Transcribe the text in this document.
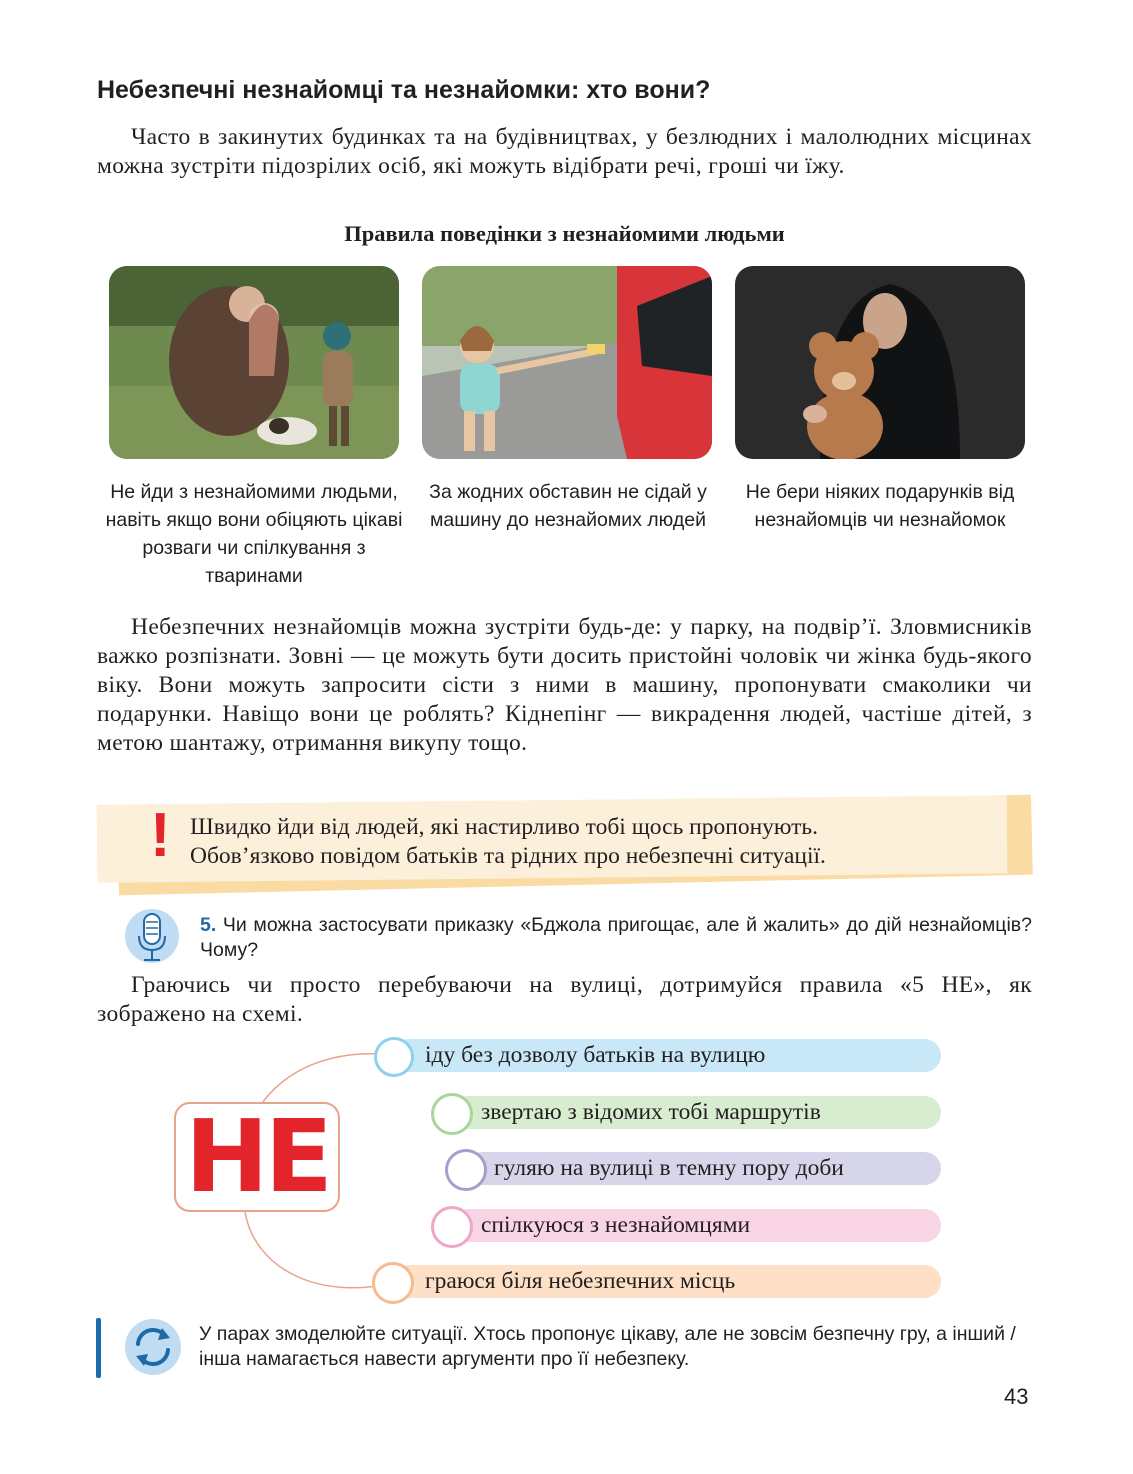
Небезпечні незнайомці та незнайомки: хто вони?
Часто в закинутих будинках та на будівництвах, у безлюдних і малолюдних місцинах можна зустріти підозрілих осіб, які можуть відібрати речі, гроші чи їжу.
Правила поведінки з незнайомими людьми
Не йди з незнайомими людьми, навіть якщо вони обіцяють цікаві розваги чи спілкування з тваринами
За жодних обставин не сідай у машину до незнайомих людей
Не бери ніяких подарунків від незнайомців чи незнайомок
Небезпечних незнайомців можна зустріти будь-де: у парку, на подвір’ї. Зловмисників важко розпізнати. Зовні — це можуть бути досить пристойні чоловік чи жінка будь-якого віку. Вони можуть запросити сісти з ними в машину, пропонувати смаколики чи подарунки. Навіщо вони це роблять? Кіднепінг — викрадення людей, частіше дітей, з метою шантажу, отримання викупу тощо.
! Швидко йди від людей, які настирливо тобі щось пропонують.
Обов’язково повідом батьків та рідних про небезпечні ситуації.
5. Чи можна застосувати приказку «Бджола пригощає, але й жалить» до дій незнайомців? Чому?
Граючись чи просто перебуваючи на вулиці, дотримуйся правила «5 НЕ», як зображено на схемі.
НЕ
іду без дозволу батьків на вулицю
звертаю з відомих тобі маршрутів
гуляю на вулиці в темну пору доби
спілкуюся з незнайомцями
граюся біля небезпечних місць
У парах змоделюйте ситуації. Хтось пропонує цікаву, але не зовсім безпечну гру, а інший / інша намагається навести аргументи про її небезпеку.
43
